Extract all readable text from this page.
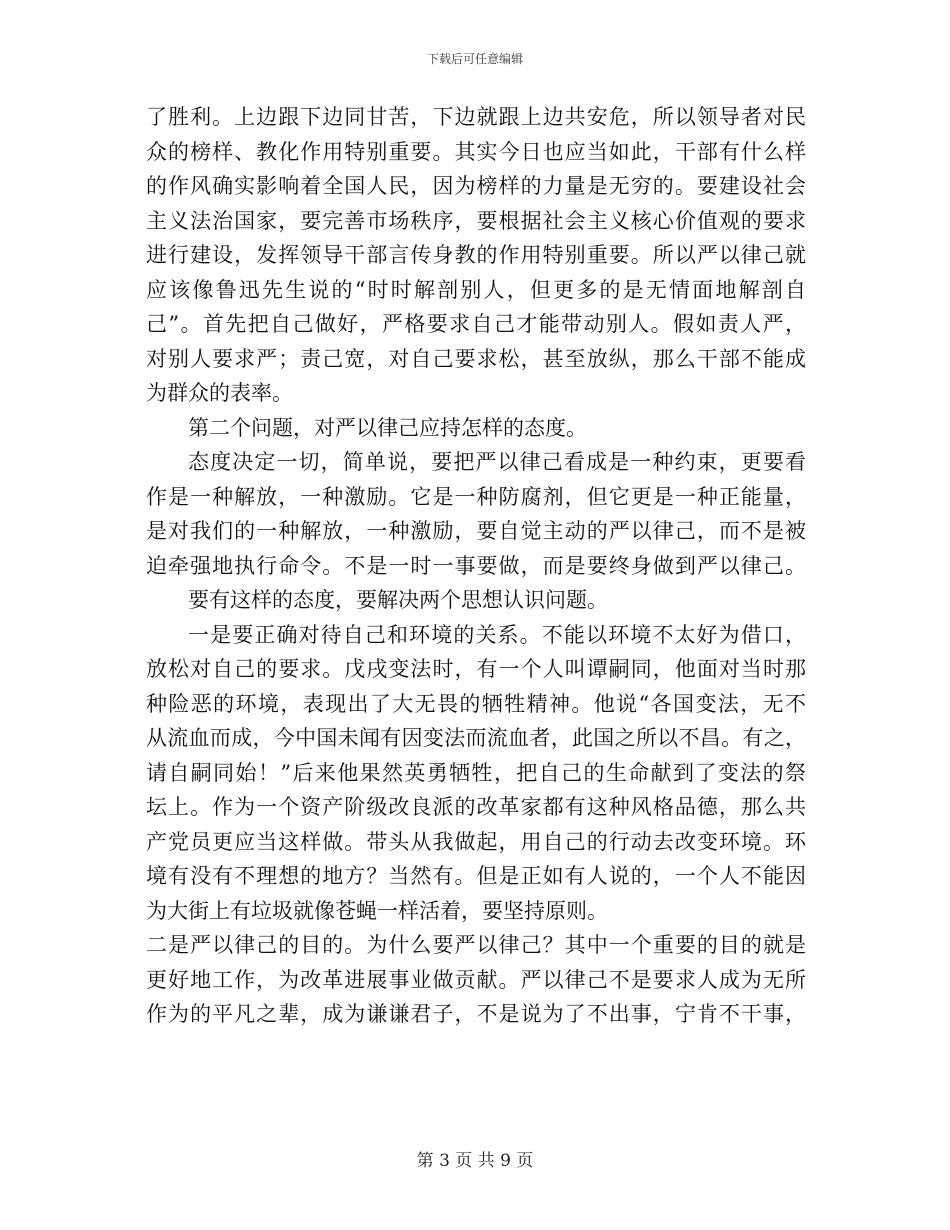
下载后可任意编辑
了胜利。上边跟下边同甘苦，下边就跟上边共安危，所以领导者对民
众的榜样、教化作用特别重要。其实今日也应当如此，干部有什么样
的作风确实影响着全国人民，因为榜样的力量是无穷的。要建设社会
主义法治国家，要完善市场秩序，要根据社会主义核心价值观的要求
进行建设，发挥领导干部言传身教的作用特别重要。所以严以律己就
应该像鲁迅先生说的“时时解剖别人，但更多的是无情面地解剖自
己”。首先把自己做好，严格要求自己才能带动别人。假如责人严，
对别人要求严；责己宽，对自己要求松，甚至放纵，那么干部不能成
为群众的表率。
第二个问题，对严以律己应持怎样的态度。
态度决定一切，简单说，要把严以律己看成是一种约束，更要看
作是一种解放，一种激励。它是一种防腐剂，但它更是一种正能量，
是对我们的一种解放，一种激励，要自觉主动的严以律己，而不是被
迫牵强地执行命令。不是一时一事要做，而是要终身做到严以律己。
要有这样的态度，要解决两个思想认识问题。
一是要正确对待自己和环境的关系。不能以环境不太好为借口，
放松对自己的要求。戊戌变法时，有一个人叫谭嗣同，他面对当时那
种险恶的环境，表现出了大无畏的牺牲精神。他说“各国变法，无不
从流血而成，今中国未闻有因变法而流血者，此国之所以不昌。有之，
请自嗣同始！”后来他果然英勇牺牲，把自己的生命献到了变法的祭
坛上。作为一个资产阶级改良派的改革家都有这种风格品德，那么共
产党员更应当这样做。带头从我做起，用自己的行动去改变环境。环
境有没有不理想的地方？当然有。但是正如有人说的，一个人不能因
为大街上有垃圾就像苍蝇一样活着，要坚持原则。
二是严以律己的目的。为什么要严以律己？其中一个重要的目的就是
更好地工作，为改革进展事业做贡献。严以律己不是要求人成为无所
作为的平凡之辈，成为谦谦君子，不是说为了不出事，宁肯不干事，
第 3 页 共 9 页
